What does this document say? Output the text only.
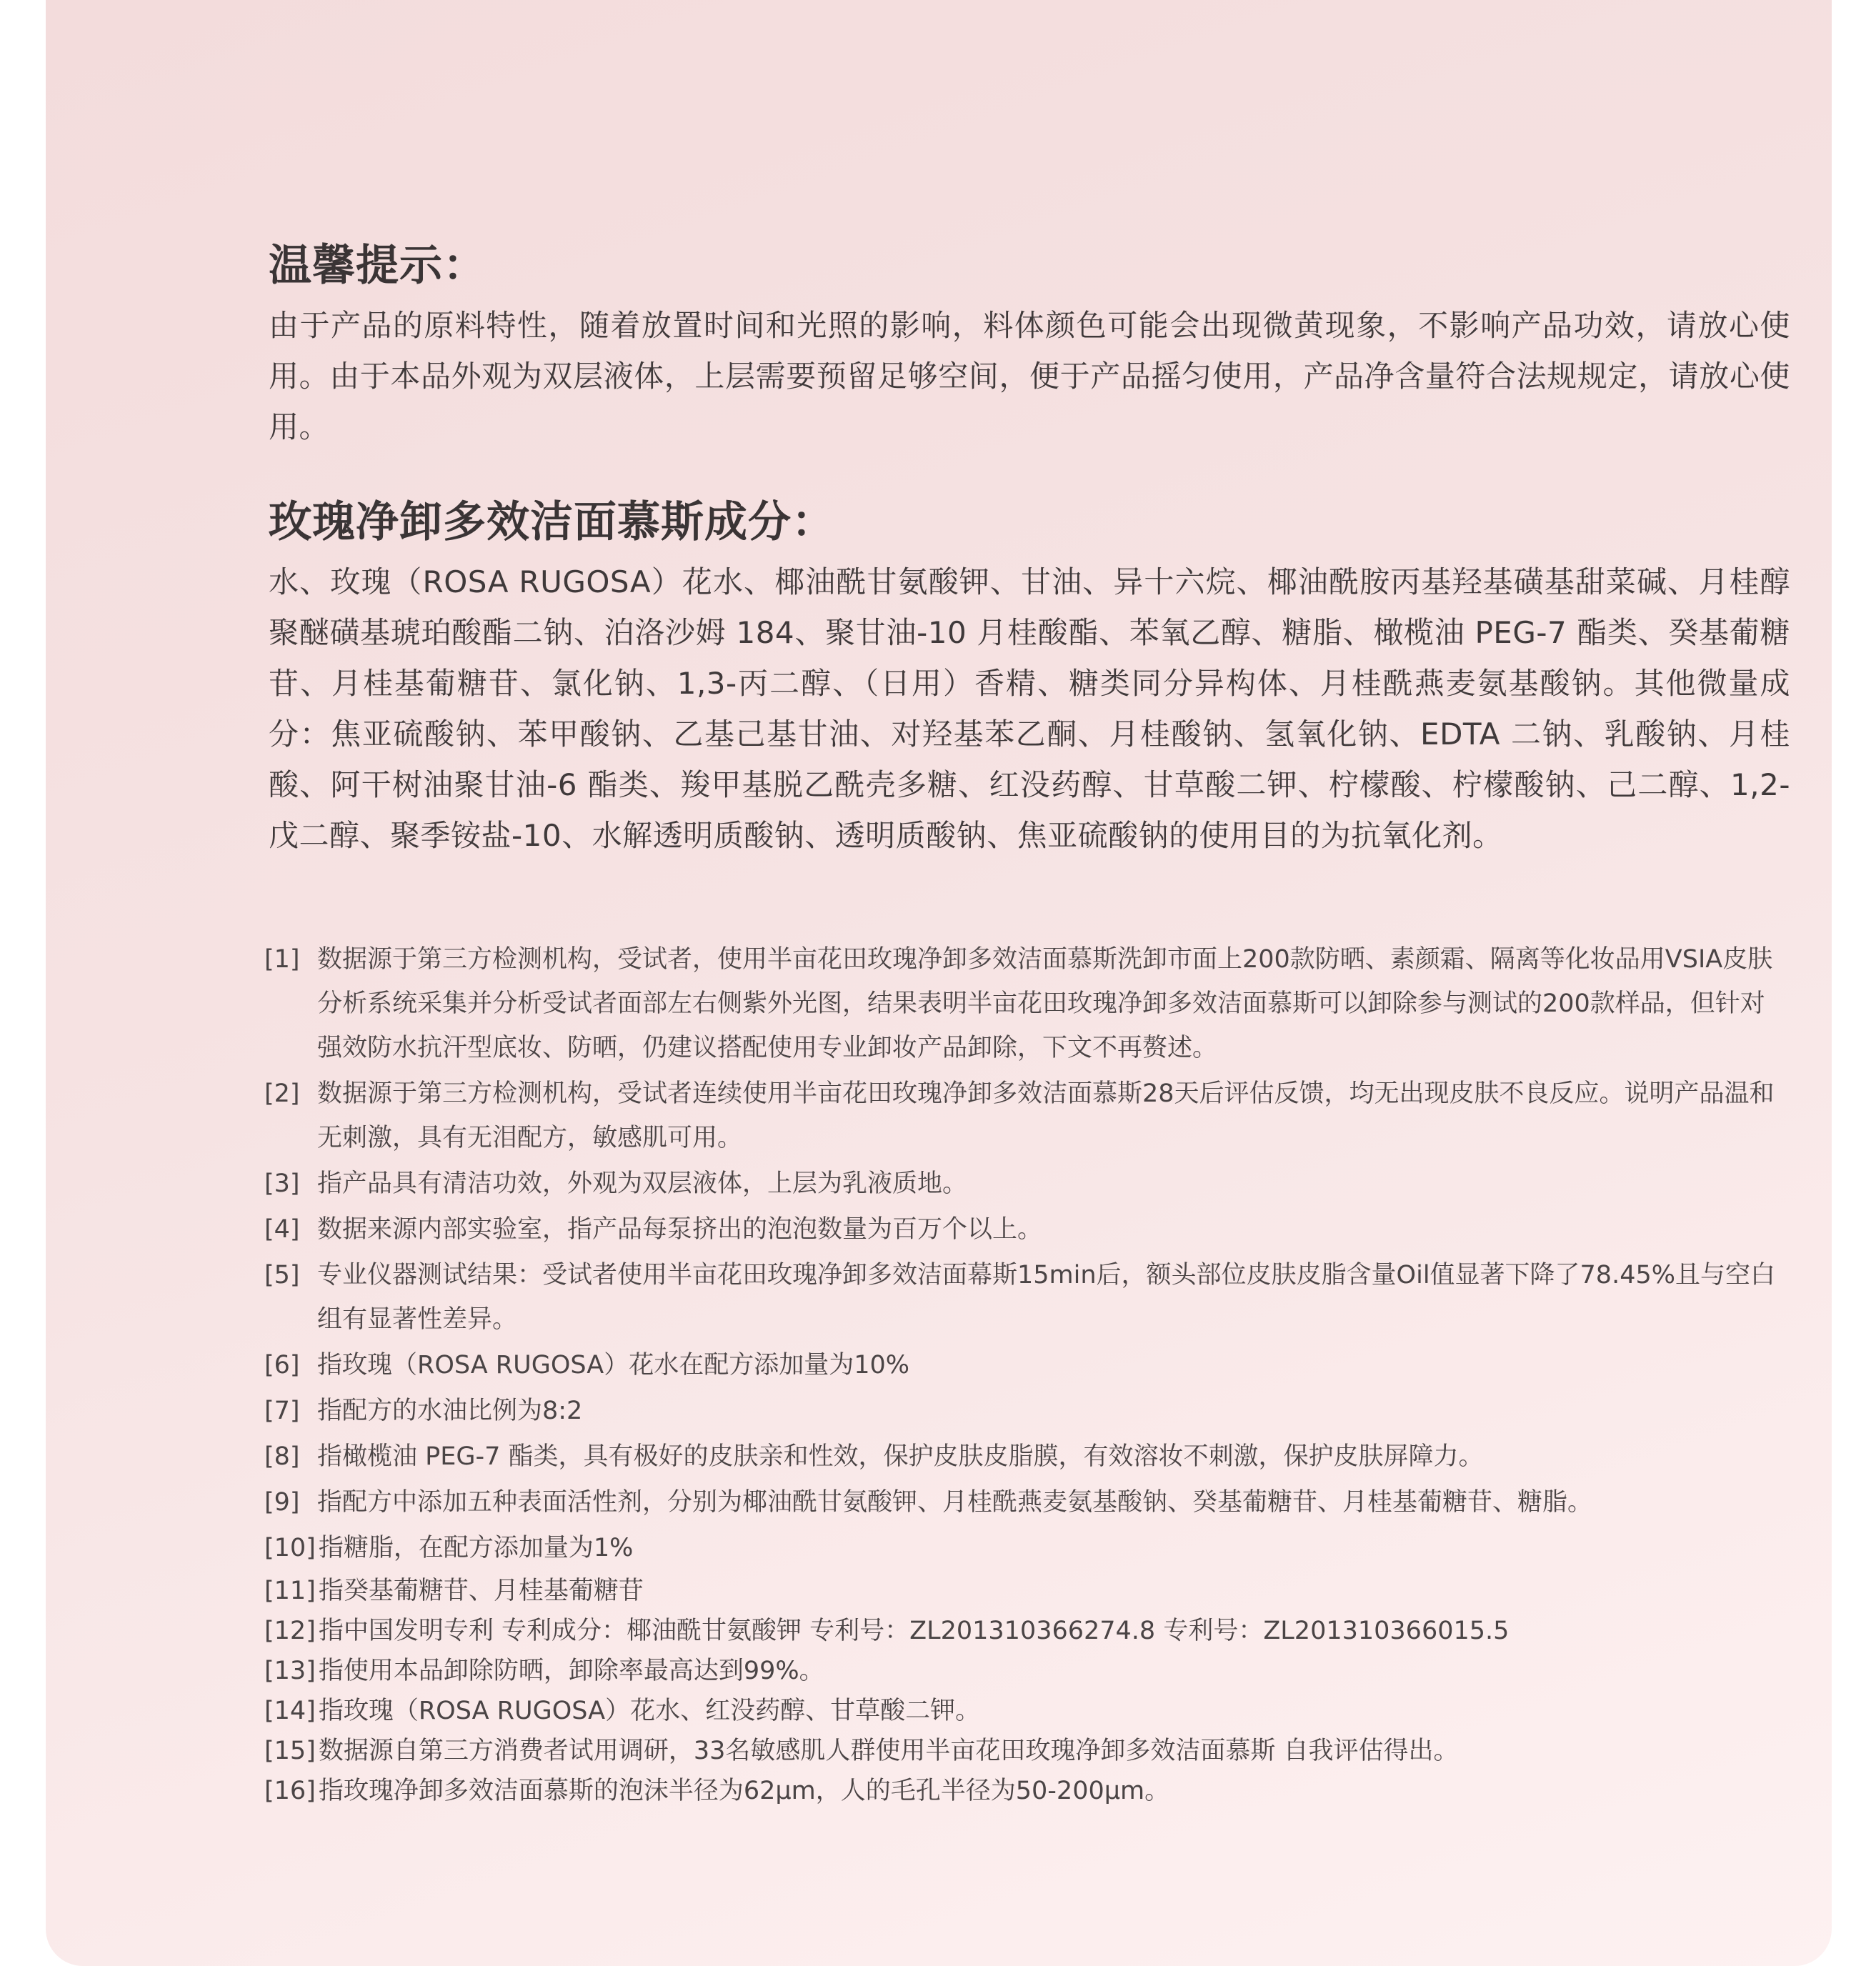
温馨提示：

由于产品的原料特性，随着放置时间和光照的影响，料体颜色可能会出现微黄现象，不影响产品功效，请放心使用。由于本品外观为双层液体，上层需要预留足够空间，便于产品摇匀使用，产品净含量符合法规规定，请放心使用。

玫瑰净卸多效洁面慕斯成分：

水、玫瑰（ROSA RUGOSA）花水、椰油酰甘氨酸钾、甘油、异十六烷、椰油酰胺丙基羟基磺基甜菜碱、月桂醇聚醚磺基琥珀酸酯二钠、泊洛沙姆 184、聚甘油-10 月桂酸酯、苯氧乙醇、糖脂、橄榄油 PEG-7 酯类、癸基葡糖苷、月桂基葡糖苷、氯化钠、1,3-丙二醇、（日用）香精、糖类同分异构体、月桂酰燕麦氨基酸钠。其他微量成分：焦亚硫酸钠、苯甲酸钠、乙基己基甘油、对羟基苯乙酮、月桂酸钠、氢氧化钠、EDTA 二钠、乳酸钠、月桂酸、阿干树油聚甘油-6 酯类、羧甲基脱乙酰壳多糖、红没药醇、甘草酸二钾、柠檬酸、柠檬酸钠、己二醇、1,2-戊二醇、聚季铵盐-10、水解透明质酸钠、透明质酸钠、焦亚硫酸钠的使用目的为抗氧化剂。

[1] 数据源于第三方检测机构，受试者，使用半亩花田玫瑰净卸多效洁面慕斯洗卸市面上200款防晒、素颜霜、隔离等化妆品用VSIA皮肤分析系统采集并分析受试者面部左右侧紫外光图，结果表明半亩花田玫瑰净卸多效洁面慕斯可以卸除参与测试的200款样品，但针对强效防水抗汗型底妆、防晒，仍建议搭配使用专业卸妆产品卸除，下文不再赘述。
[2] 数据源于第三方检测机构，受试者连续使用半亩花田玫瑰净卸多效洁面慕斯28天后评估反馈，均无出现皮肤不良反应。说明产品温和无刺激，具有无泪配方，敏感肌可用。
[3] 指产品具有清洁功效，外观为双层液体，上层为乳液质地。
[4] 数据来源内部实验室，指产品每泵挤出的泡泡数量为百万个以上。
[5] 专业仪器测试结果：受试者使用半亩花田玫瑰净卸多效洁面幕斯15min后，额头部位皮肤皮脂含量Oil值显著下降了78.45%且与空白组有显著性差异。
[6] 指玫瑰（ROSA RUGOSA）花水在配方添加量为10%
[7] 指配方的水油比例为8:2
[8] 指橄榄油 PEG-7 酯类，具有极好的皮肤亲和性效，保护皮肤皮脂膜，有效溶妆不刺激，保护皮肤屏障力。
[9] 指配方中添加五种表面活性剂，分别为椰油酰甘氨酸钾、月桂酰燕麦氨基酸钠、癸基葡糖苷、月桂基葡糖苷、糖脂。
[10] 指糖脂，在配方添加量为1%
[11] 指癸基葡糖苷、月桂基葡糖苷
[12] 指中国发明专利 专利成分：椰油酰甘氨酸钾 专利号：ZL201310366274.8 专利号：ZL201310366015.5
[13] 指使用本品卸除防晒，卸除率最高达到99%。
[14] 指玫瑰（ROSA RUGOSA）花水、红没药醇、甘草酸二钾。
[15] 数据源自第三方消费者试用调研，33名敏感肌人群使用半亩花田玫瑰净卸多效洁面慕斯 自我评估得出。
[16] 指玫瑰净卸多效洁面慕斯的泡沫半径为62μm，人的毛孔半径为50-200μm。
